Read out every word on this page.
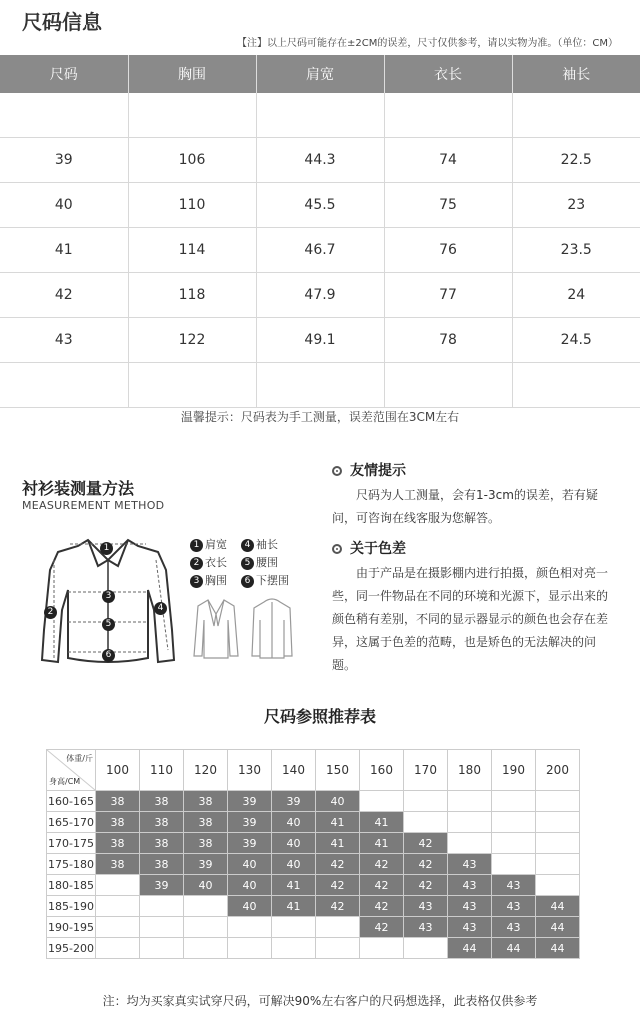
尺码信息
【注】以上尺码可能存在±2CM的误差，尺寸仅供参考，请以实物为准。（单位：CM）
尺码	胸围	肩宽	衣长	袖长

39	106	44.3	74	22.5
40	110	45.5	75	23
41	114	46.7	76	23.5
42	118	47.9	77	24
43	122	49.1	78	24.5

温馨提示：尺码表为手工测量，误差范围在3CM左右
衬衫装测量方法
MEASUREMENT METHOD
1
2
3
4
5
6
1 肩宽 4 袖长
2 衣长 5 腰围
3 胸围 6 下摆围
友情提示
尺码为人工测量，会有1-3cm的误差，若有疑问，可咨询在线客服为您解答。
关于色差
由于产品是在摄影棚内进行拍摄，颜色相对亮一些，同一件物品在不同的环境和光源下，显示出来的颜色稍有差别，不同的显示器显示的颜色也会存在差异，这属于色差的范畴，也是矫色的无法解决的问题。
尺码参照推荐表
体重/斤
身高/CM	100	110	120	130	140	150	160	170	180	190	200
160-165	38	38	38	39	39	40					
165-170	38	38	38	39	40	41	41				
170-175	38	38	38	39	40	41	41	42			
175-180	38	38	39	40	40	42	42	42	43		
180-185		39	40	40	41	42	42	42	43	43	
185-190				40	41	42	42	43	43	43	44
190-195							42	43	43	43	44
195-200									44	44	44
注：均为买家真实试穿尺码，可解决90%左右客户的尺码想选择，此表格仅供参考
